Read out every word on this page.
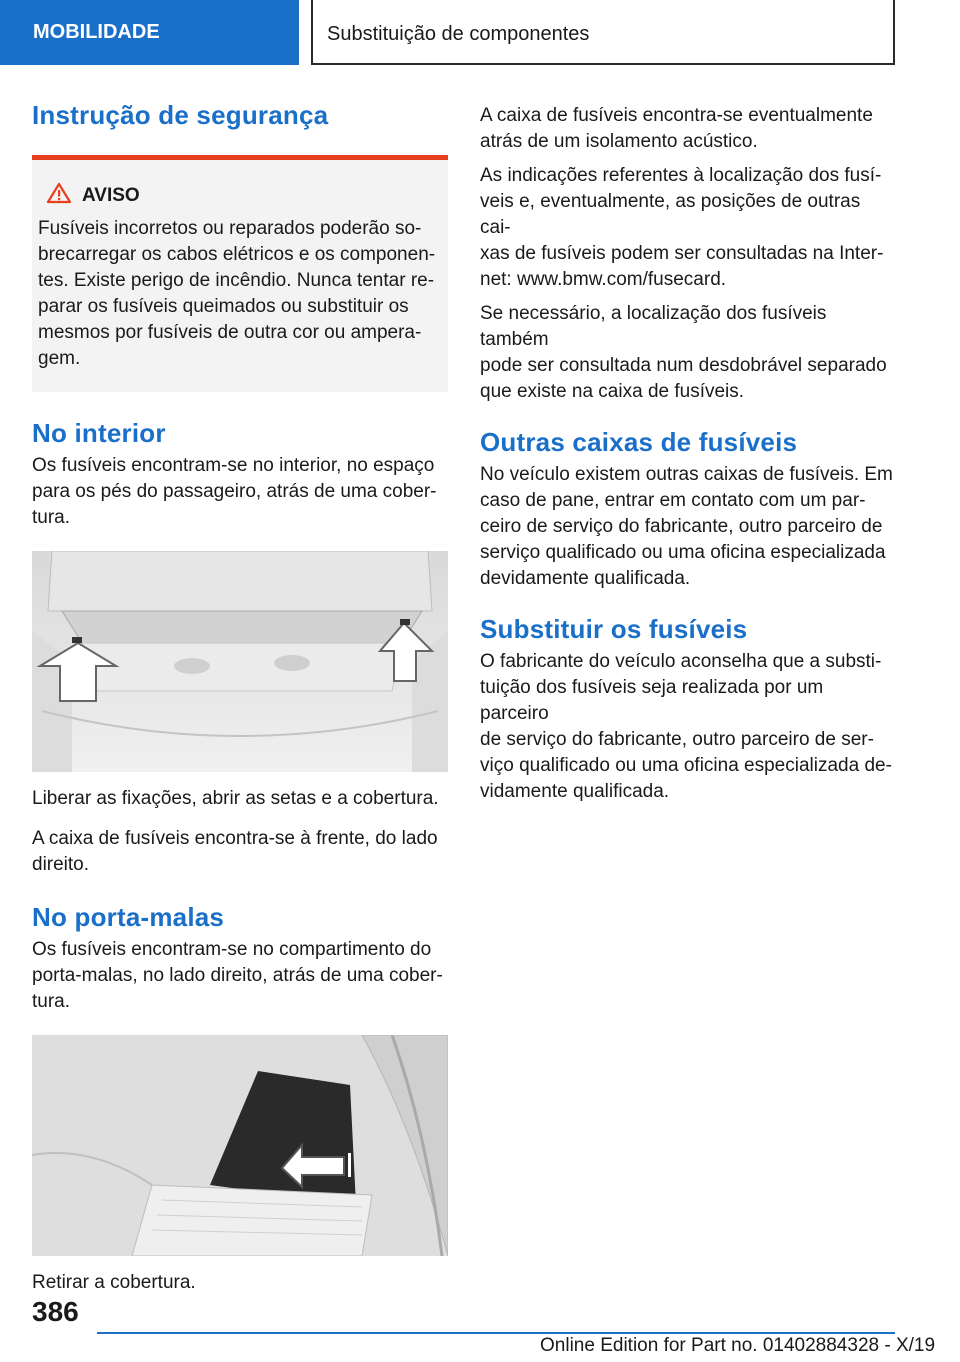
MOBILIDADE	Substituição de componentes
Instrução de segurança
AVISO

Fusíveis incorretos ou reparados poderão so-
brecarregar os cabos elétricos e os componen-
tes. Existe perigo de incêndio. Nunca tentar re-
parar os fusíveis queimados ou substituir os
mesmos por fusíveis de outra cor ou ampera-
gem.

No interior

Os fusíveis encontram-se no interior, no espaço
para os pés do passageiro, atrás de uma cober-
tura.

Liberar as fixações, abrir as setas e a cobertura.

A caixa de fusíveis encontra-se à frente, do lado
direito.

No porta-malas

Os fusíveis encontram-se no compartimento do
porta-malas, no lado direito, atrás de uma cober-
tura.

Retirar a cobertura.

A caixa de fusíveis encontra-se eventualmente
atrás de um isolamento acústico.

As indicações referentes à localização dos fusí-
veis e, eventualmente, as posições de outras cai-
xas de fusíveis podem ser consultadas na Inter-
net: www.bmw.com/fusecard.

Se necessário, a localização dos fusíveis também
pode ser consultada num desdobrável separado
que existe na caixa de fusíveis.

Outras caixas de fusíveis

No veículo existem outras caixas de fusíveis. Em
caso de pane, entrar em contato com um par-
ceiro de serviço do fabricante, outro parceiro de
serviço qualificado ou uma oficina especializada
devidamente qualificada.

Substituir os fusíveis

O fabricante do veículo aconselha que a substi-
tuição dos fusíveis seja realizada por um parceiro
de serviço do fabricante, outro parceiro de ser-
viço qualificado ou uma oficina especializada de-
vidamente qualificada.

386
Online Edition for Part no. 01402884328 - X/19
